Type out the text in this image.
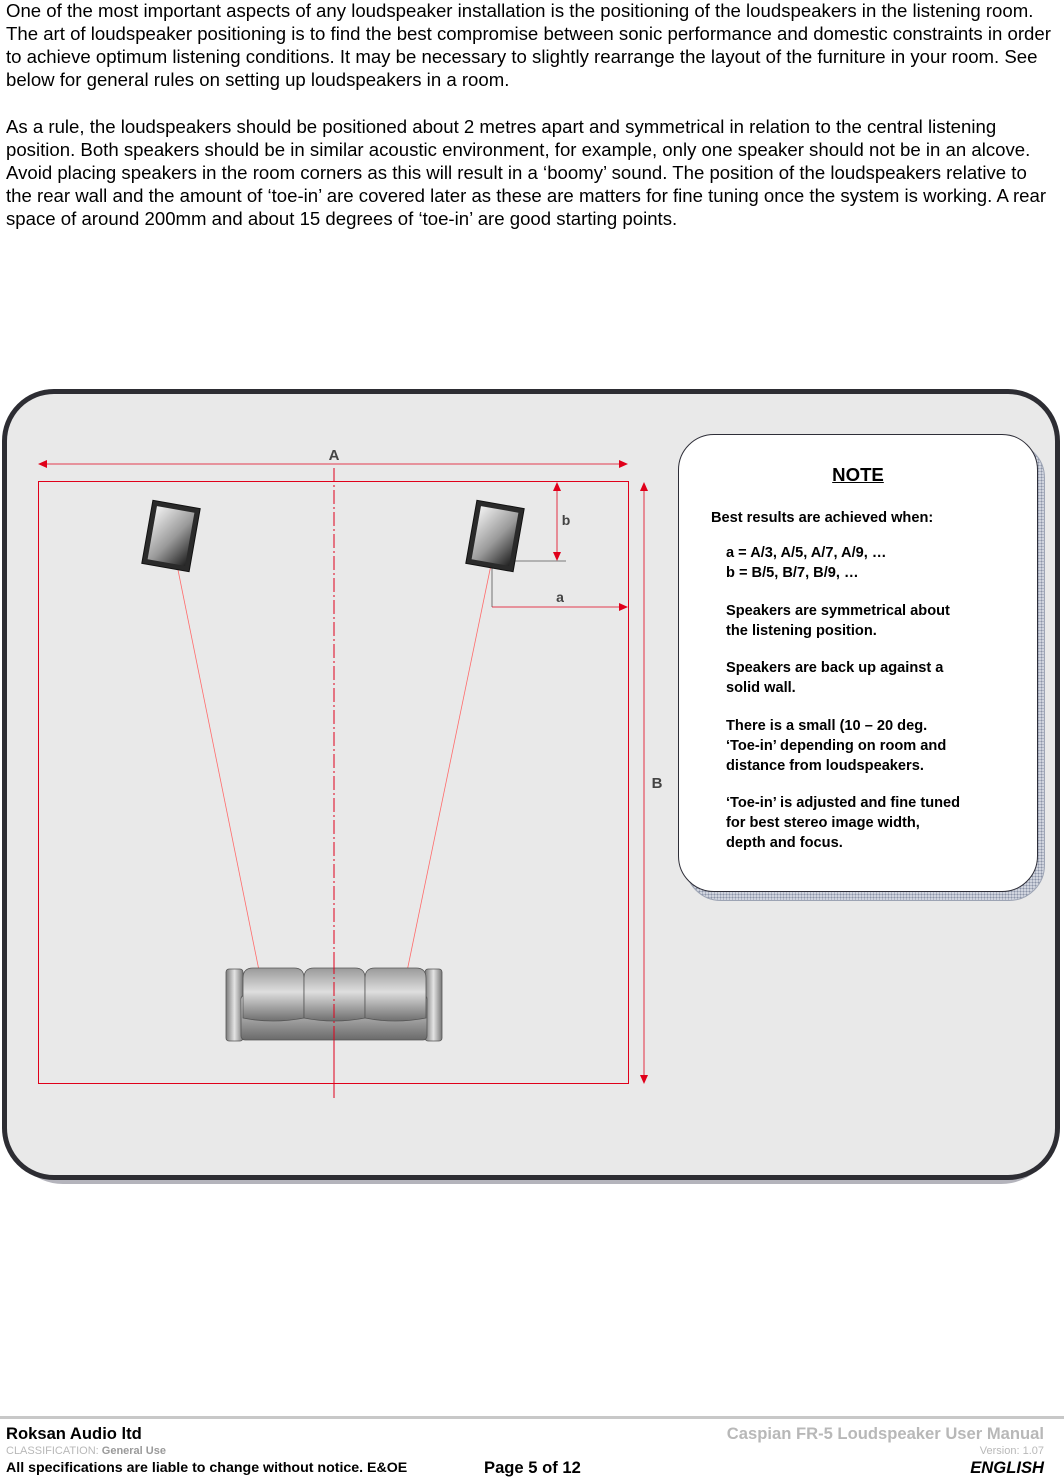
One of the most important aspects of any loudspeaker installation is the positioning of the loudspeakers in the listening room. The art of loudspeaker positioning is to find the best compromise between sonic performance and domestic constraints in order to achieve optimum listening conditions. It may be necessary to slightly rearrange the layout of the furniture in your room. See below for general rules on setting up loudspeakers in a room.

As a rule, the loudspeakers should be positioned about 2 metres apart and symmetrical in relation to the central listening position. Both speakers should be in similar acoustic environment, for example, only one speaker should not be in an alcove. Avoid placing speakers in the room corners as this will result in a ‘boomy’ sound. The position of the loudspeakers relative to the rear wall and the amount of ‘toe-in’ are covered later as these are matters for fine tuning once the system is working. A rear space of around 200mm and about 15 degrees of ‘toe-in’ are good starting points.

A
B
b
a
NOTE
Best results are achieved when:
a = A/3, A/5, A/7, A/9, …
b = B/5, B/7, B/9, …
Speakers are symmetrical about
the listening position.
Speakers are back up against a
solid wall.
There is a small (10 – 20 deg.
‘Toe-in’ depending on room and
distance from loudspeakers.
‘Toe-in’ is adjusted and fine tuned
for best stereo image width,
depth and focus.
Roksan Audio ltd	Caspian FR-5 Loudspeaker User Manual
CLASSIFICATION: General Use	Version: 1.07
All specifications are liable to change without notice. E&OE	Page 5 of 12	ENGLISH
